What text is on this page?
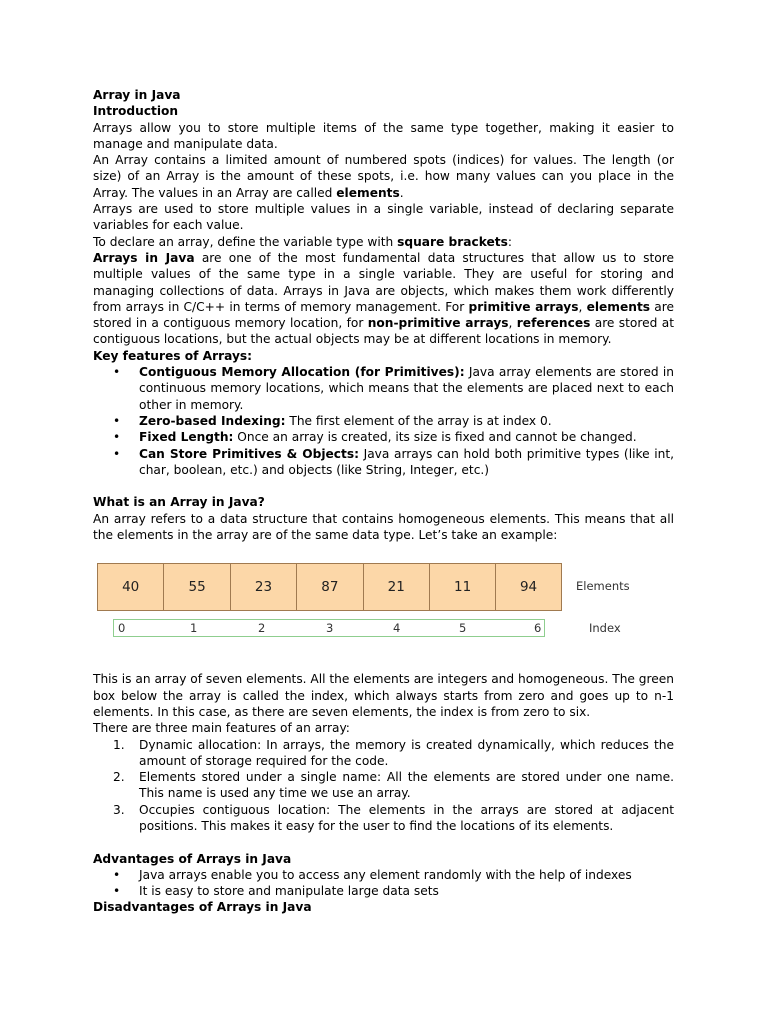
Array in Java

Introduction

Arrays allow you to store multiple items of the same type together, making it easier to manage and manipulate data.

An Array contains a limited amount of numbered spots (indices) for values. The length (or size) of an Array is the amount of these spots, i.e. how many values can you place in the Array. The values in an Array are called elements.

Arrays are used to store multiple values in a single variable, instead of declaring separate variables for each value.

To declare an array, define the variable type with square brackets:

Arrays in Java are one of the most fundamental data structures that allow us to store multiple values of the same type in a single variable. They are useful for storing and managing collections of data. Arrays in Java are objects, which makes them work differently from arrays in C/C++ in terms of memory management. For primitive arrays, elements are stored in a contiguous memory location, for non-primitive arrays, references are stored at contiguous locations, but the actual objects may be at different locations in memory.

Key features of Arrays:

• Contiguous Memory Allocation (for Primitives): Java array elements are stored in continuous memory locations, which means that the elements are placed next to each other in memory.
• Zero-based Indexing: The first element of the array is at index 0.
• Fixed Length: Once an array is created, its size is fixed and cannot be changed.
• Can Store Primitives & Objects: Java arrays can hold both primitive types (like int, char, boolean, etc.) and objects (like String, Integer, etc.)

What is an Array in Java?

An array refers to a data structure that contains homogeneous elements. This means that all the elements in the array are of the same data type. Let’s take an example:

40	55	23	87	21	11	94	Elements
0	1	2	3	4	5	6	Index

This is an array of seven elements. All the elements are integers and homogeneous. The green box below the array is called the index, which always starts from zero and goes up to n-1 elements. In this case, as there are seven elements, the index is from zero to six.

There are three main features of an array:

1. Dynamic allocation: In arrays, the memory is created dynamically, which reduces the amount of storage required for the code.
2. Elements stored under a single name: All the elements are stored under one name. This name is used any time we use an array.
3. Occupies contiguous location: The elements in the arrays are stored at adjacent positions. This makes it easy for the user to find the locations of its elements.

Advantages of Arrays in Java

• Java arrays enable you to access any element randomly with the help of indexes
• It is easy to store and manipulate large data sets

Disadvantages of Arrays in Java
